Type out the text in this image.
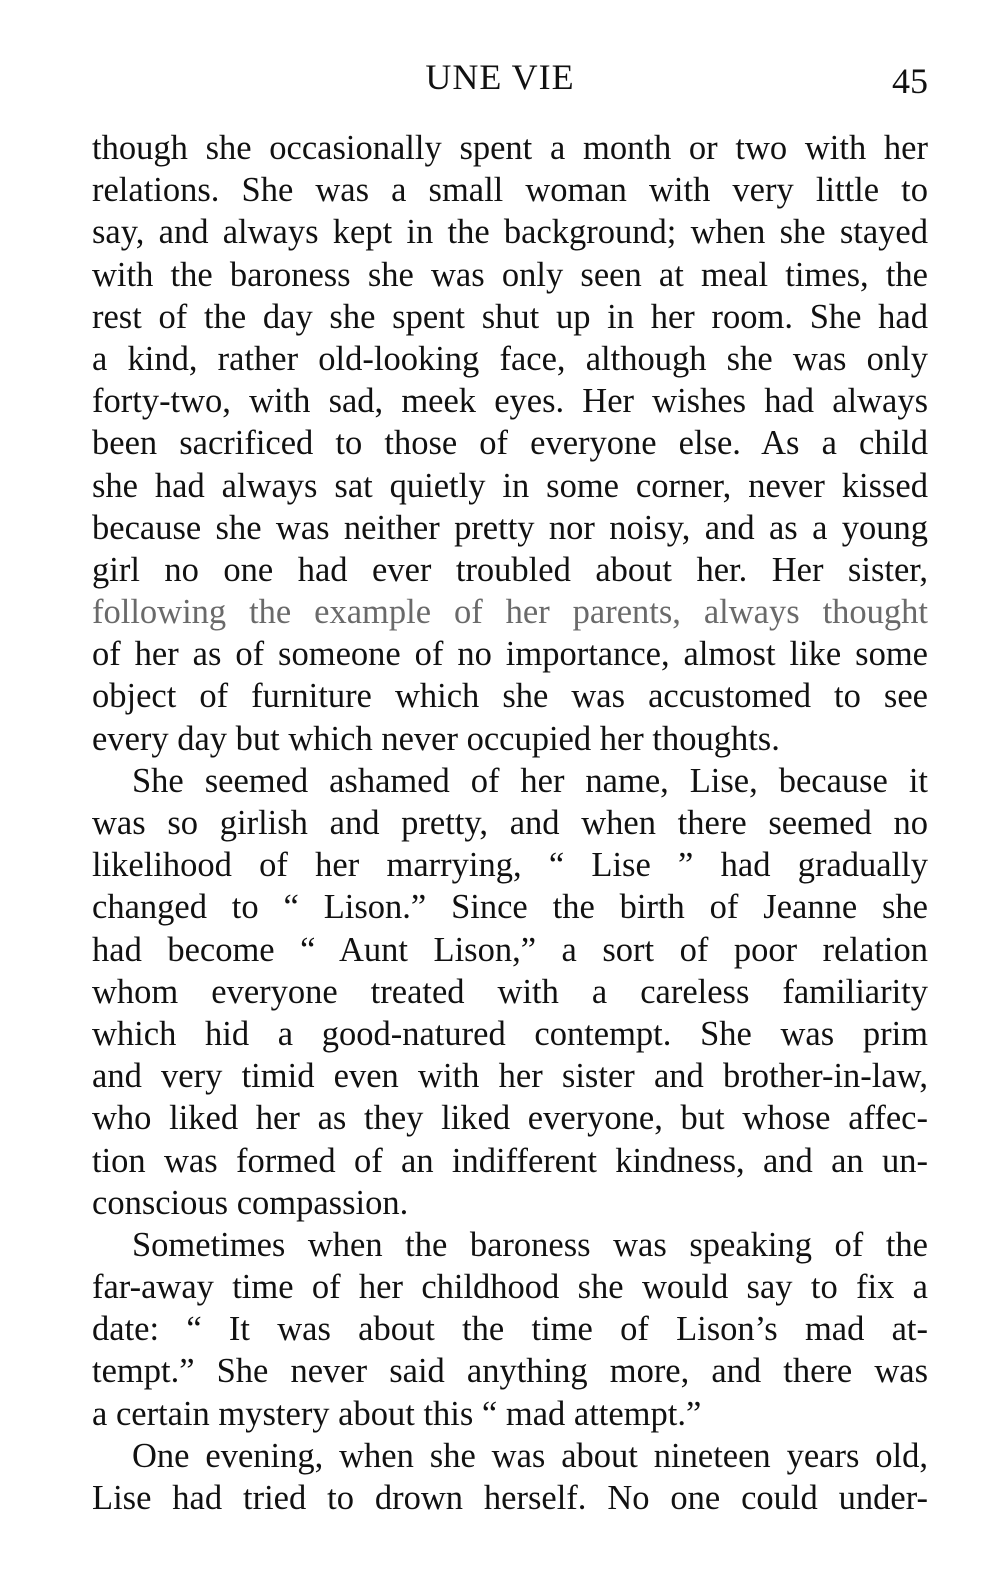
UNE VIE	45
though she occasionally spent a month or two with her
relations. She was a small woman with very little to
say, and always kept in the background; when she stayed
with the baroness she was only seen at meal times, the
rest of the day she spent shut up in her room. She had
a kind, rather old-looking face, although she was only
forty-two, with sad, meek eyes. Her wishes had always
been sacrificed to those of everyone else. As a child
she had always sat quietly in some corner, never kissed
because she was neither pretty nor noisy, and as a young
girl no one had ever troubled about her. Her sister,
following the example of her parents, always thought
of her as of someone of no importance, almost like some
object of furniture which she was accustomed to see
every day but which never occupied her thoughts.
She seemed ashamed of her name, Lise, because it
was so girlish and pretty, and when there seemed no
likelihood of her marrying, “ Lise ” had gradually
changed to “ Lison.” Since the birth of Jeanne she
had become “ Aunt Lison,” a sort of poor relation
whom everyone treated with a careless familiarity
which hid a good-natured contempt. She was prim
and very timid even with her sister and brother-in-law,
who liked her as they liked everyone, but whose affec-
tion was formed of an indifferent kindness, and an un-
conscious compassion.
Sometimes when the baroness was speaking of the
far-away time of her childhood she would say to fix a
date: “ It was about the time of Lison’s mad at-
tempt.” She never said anything more, and there was
a certain mystery about this “ mad attempt.”
One evening, when she was about nineteen years old,
Lise had tried to drown herself. No one could under-
